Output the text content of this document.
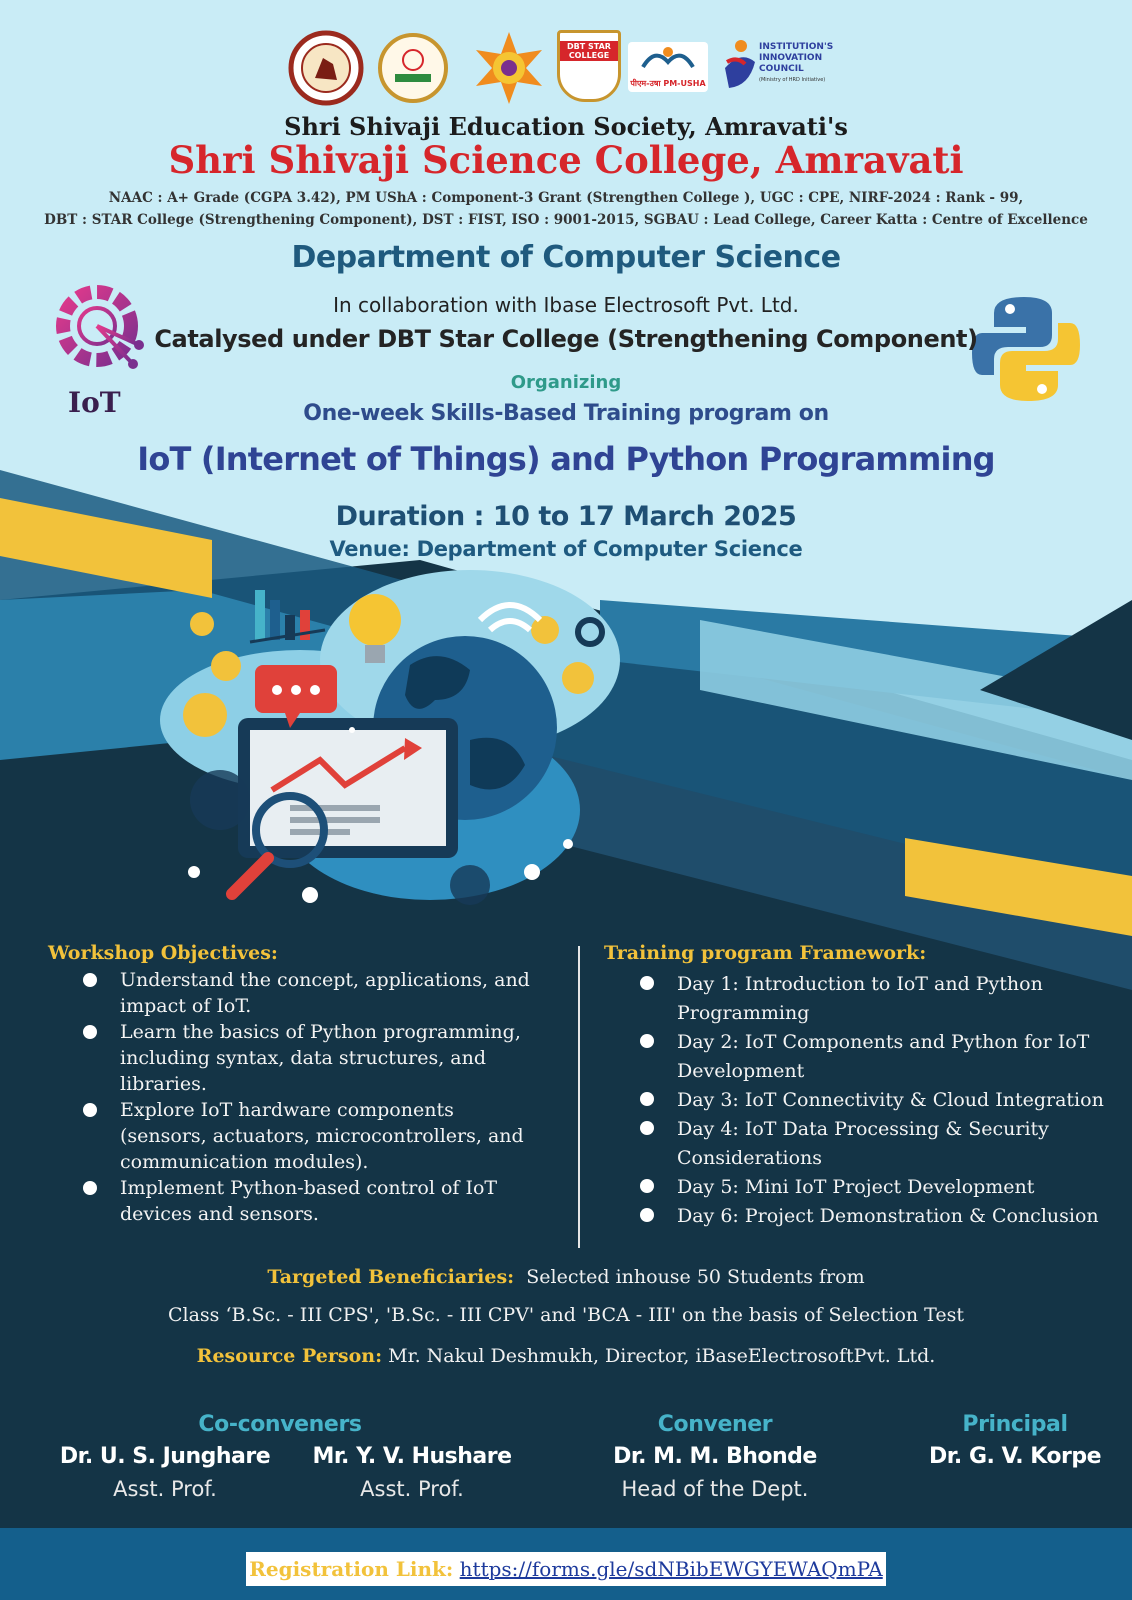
DBT STAR COLLEGE
पीएम-उषा PM-USHA
INSTITUTION'S
INNOVATION
COUNCIL
(Ministry of HRD Initiative)
Shri Shivaji Education Society, Amravati's
Shri Shivaji Science College, Amravati
NAAC : A+ Grade (CGPA 3.42), PM UShA : Component-3 Grant (Strengthen College ), UGC : CPE, NIRF-2024 : Rank - 99,
DBT : STAR College (Strengthening Component), DST : FIST, ISO : 9001-2015, SGBAU : Lead College, Career Katta : Centre of Excellence
IoT
Department of Computer Science
In collaboration with Ibase Electrosoft Pvt. Ltd.
Catalysed under DBT Star College (Strengthening Component)
Organizing
One-week Skills-Based Training program on
IoT (Internet of Things) and Python Programming
Duration : 10 to 17 March 2025
Venue: Department of Computer Science
Workshop Objectives:
Understand the concept, applications, and impact of IoT.
Learn the basics of Python programming, including syntax, data structures, and libraries.
Explore IoT hardware components (sensors, actuators, microcontrollers, and communication modules).
Implement Python-based control of IoT devices and sensors.
Training program Framework:
Day 1: Introduction to IoT and Python Programming
Day 2: IoT Components and Python for IoT Development
Day 3: IoT Connectivity & Cloud Integration
Day 4: IoT Data Processing & Security Considerations
Day 5: Mini IoT Project Development
Day 6: Project Demonstration & Conclusion
Targeted Beneficiaries: Selected inhouse 50 Students from
Class ‘B.Sc. - III CPS', 'B.Sc. - III CPV' and 'BCA - III' on the basis of Selection Test
Resource Person: Mr. Nakul Deshmukh, Director, iBaseElectrosoftPvt. Ltd.
Co-conveners
Dr. U. S. Junghare
Asst. Prof.
Mr. Y. V. Hushare
Asst. Prof.
Convener
Dr. M. M. Bhonde
Head of the Dept.
Principal
Dr. G. V. Korpe
Registration Link: https://forms.gle/sdNBibEWGYEWAQmPA
